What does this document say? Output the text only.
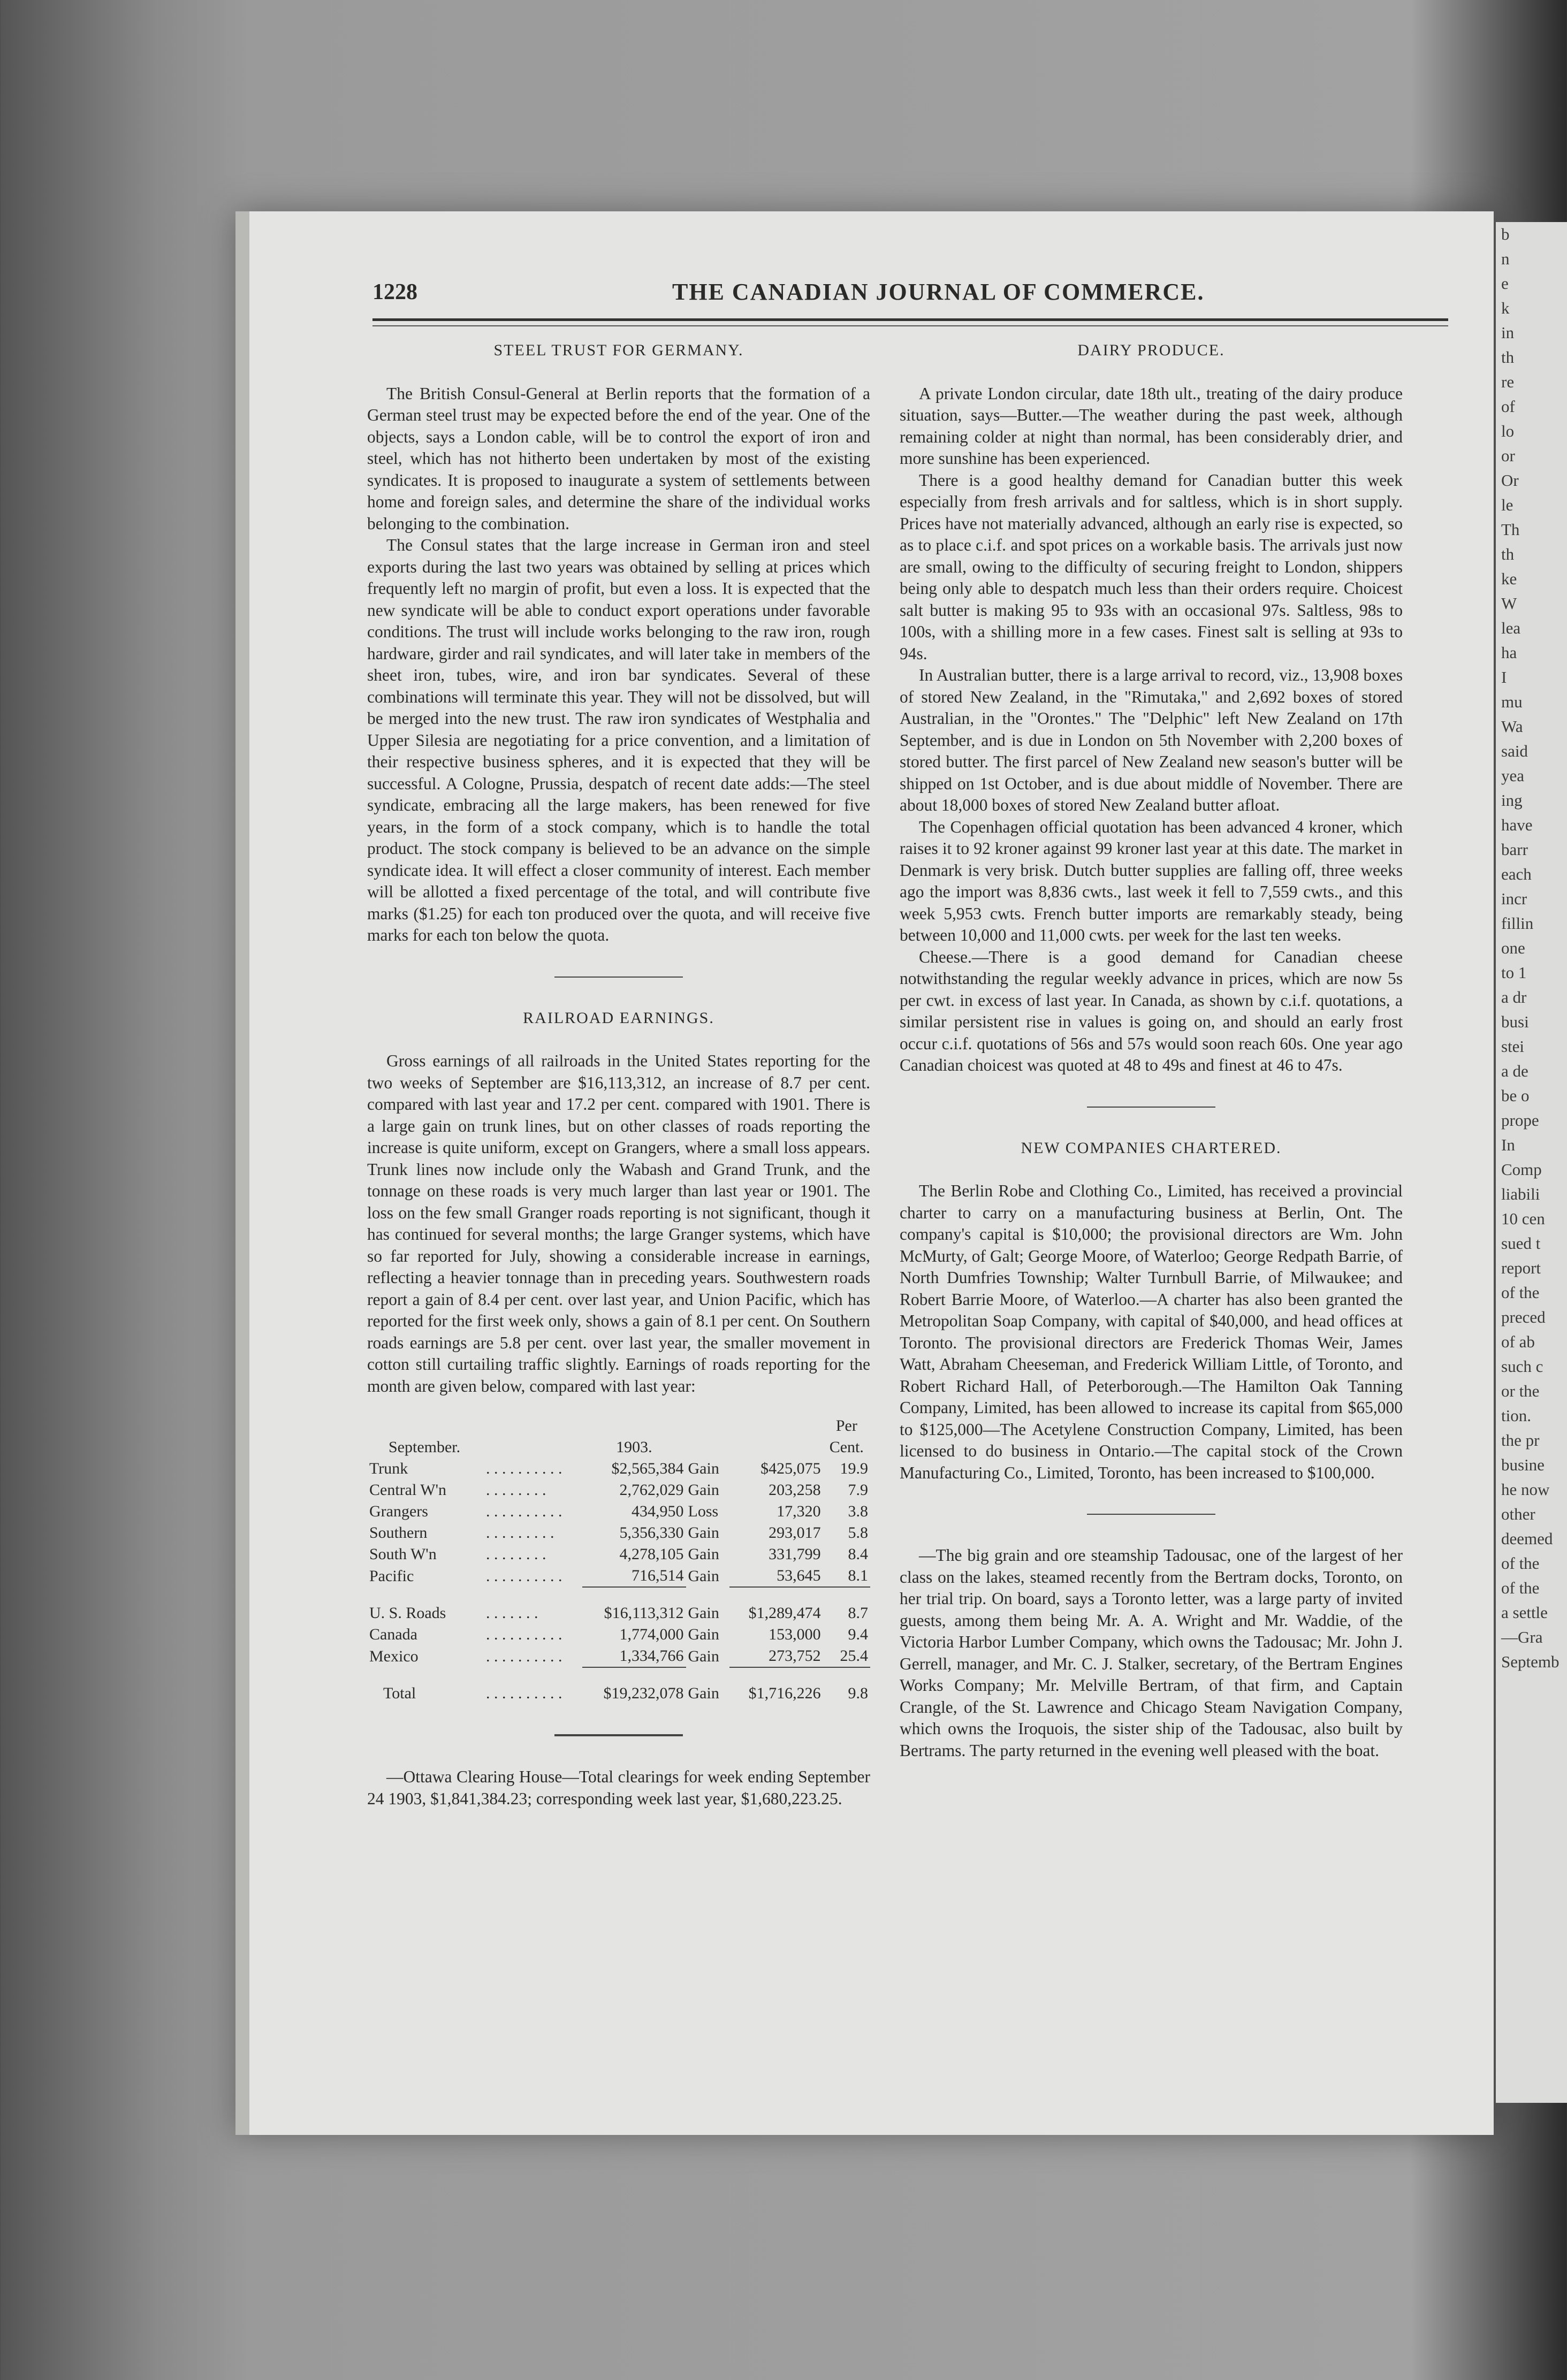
1228	THE CANADIAN JOURNAL OF COMMERCE.
STEEL TRUST FOR GERMANY.

The British Consul-General at Berlin reports that the formation of a German steel trust may be expected before the end of the year. One of the objects, says a London cable, will be to control the export of iron and steel, which has not hitherto been undertaken by most of the existing syndicates. It is proposed to inaugurate a system of settlements between home and foreign sales, and determine the share of the individual works belonging to the combination.

The Consul states that the large increase in German iron and steel exports during the last two years was obtained by selling at prices which frequently left no margin of profit, but even a loss. It is expected that the new syndicate will be able to conduct export operations under favorable conditions. The trust will include works belonging to the raw iron, rough hardware, girder and rail syndicates, and will later take in members of the sheet iron, tubes, wire, and iron bar syndicates. Several of these combinations will terminate this year. They will not be dissolved, but will be merged into the new trust. The raw iron syndicates of Westphalia and Upper Silesia are negotiating for a price convention, and a limitation of their respective business spheres, and it is expected that they will be successful. A Cologne, Prussia, despatch of recent date adds:—The steel syndicate, embracing all the large makers, has been renewed for five years, in the form of a stock company, which is to handle the total product. The stock company is believed to be an advance on the simple syndicate idea. It will effect a closer community of interest. Each member will be allotted a fixed percentage of the total, and will contribute five marks ($1.25) for each ton produced over the quota, and will receive five marks for each ton below the quota.

RAILROAD EARNINGS.

Gross earnings of all railroads in the United States reporting for the two weeks of September are $16,113,312, an increase of 8.7 per cent. compared with last year and 17.2 per cent. compared with 1901. There is a large gain on trunk lines, but on other classes of roads reporting the increase is quite uniform, except on Grangers, where a small loss appears. Trunk lines now include only the Wabash and Grand Trunk, and the tonnage on these roads is very much larger than last year or 1901. The loss on the few small Granger roads reporting is not significant, though it has continued for several months; the large Granger systems, which have so far reported for July, showing a considerable increase in earnings, reflecting a heavier tonnage than in preceding years. Southwestern roads report a gain of 8.4 per cent. over last year, and Union Pacific, which has reported for the first week only, shows a gain of 8.1 per cent. On Southern roads earnings are 5.8 per cent. over last year, the smaller movement in cotton still curtailing traffic slightly. Earnings of roads reporting for the month are given below, compared with last year:

					Per
September.		1903.			Cent.
Trunk	. . . . . . . . . .	$2,565,384	Gain	$425,075	19.9
Central W'n	. . . . . . . .	2,762,029	Gain	203,258	7.9
Grangers	. . . . . . . . . .	434,950	Loss	17,320	3.8
Southern	. . . . . . . . .	5,356,330	Gain	293,017	5.8
South W'n	. . . . . . . .	4,278,105	Gain	331,799	8.4
Pacific	. . . . . . . . . .	716,514	Gain	53,645	8.1

U. S. Roads	. . . . . . .	$16,113,312	Gain	$1,289,474	8.7
Canada	. . . . . . . . . .	1,774,000	Gain	153,000	9.4
Mexico	. . . . . . . . . .	1,334,766	Gain	273,752	25.4

Total	. . . . . . . . . .	$19,232,078	Gain	$1,716,226	9.8

—Ottawa Clearing House—Total clearings for week ending September 24 1903, $1,841,384.23; corresponding week last year, $1,680,223.25.

DAIRY PRODUCE.

A private London circular, date 18th ult., treating of the dairy produce situation, says—Butter.—The weather during the past week, although remaining colder at night than normal, has been considerably drier, and more sunshine has been experienced.

There is a good healthy demand for Canadian butter this week especially from fresh arrivals and for saltless, which is in short supply. Prices have not materially advanced, although an early rise is expected, so as to place c.i.f. and spot prices on a workable basis. The arrivals just now are small, owing to the difficulty of securing freight to London, shippers being only able to despatch much less than their orders require. Choicest salt butter is making 95 to 93s with an occasional 97s. Saltless, 98s to 100s, with a shilling more in a few cases. Finest salt is selling at 93s to 94s.

In Australian butter, there is a large arrival to record, viz., 13,908 boxes of stored New Zealand, in the "Rimutaka," and 2,692 boxes of stored Australian, in the "Orontes." The "Delphic" left New Zealand on 17th September, and is due in London on 5th November with 2,200 boxes of stored butter. The first parcel of New Zealand new season's butter will be shipped on 1st October, and is due about middle of November. There are about 18,000 boxes of stored New Zealand butter afloat.

The Copenhagen official quotation has been advanced 4 kroner, which raises it to 92 kroner against 99 kroner last year at this date. The market in Denmark is very brisk. Dutch butter supplies are falling off, three weeks ago the import was 8,836 cwts., last week it fell to 7,559 cwts., and this week 5,953 cwts. French butter imports are remarkably steady, being between 10,000 and 11,000 cwts. per week for the last ten weeks.

Cheese.—There is a good demand for Canadian cheese notwithstanding the regular weekly advance in prices, which are now 5s per cwt. in excess of last year. In Canada, as shown by c.i.f. quotations, a similar persistent rise in values is going on, and should an early frost occur c.i.f. quotations of 56s and 57s would soon reach 60s. One year ago Canadian choicest was quoted at 48 to 49s and finest at 46 to 47s.

NEW COMPANIES CHARTERED.

The Berlin Robe and Clothing Co., Limited, has received a provincial charter to carry on a manufacturing business at Berlin, Ont. The company's capital is $10,000; the provisional directors are Wm. John McMurty, of Galt; George Moore, of Waterloo; George Redpath Barrie, of North Dumfries Township; Walter Turnbull Barrie, of Milwaukee; and Robert Barrie Moore, of Waterloo.—A charter has also been granted the Metropolitan Soap Company, with capital of $40,000, and head offices at Toronto. The provisional directors are Frederick Thomas Weir, James Watt, Abraham Cheeseman, and Frederick William Little, of Toronto, and Robert Richard Hall, of Peterborough.—The Hamilton Oak Tanning Company, Limited, has been allowed to increase its capital from $65,000 to $125,000—The Acetylene Construction Company, Limited, has been licensed to do business in Ontario.—The capital stock of the Crown Manufacturing Co., Limited, Toronto, has been increased to $100,000.

—The big grain and ore steamship Tadousac, one of the largest of her class on the lakes, steamed recently from the Bertram docks, Toronto, on her trial trip. On board, says a Toronto letter, was a large party of invited guests, among them being Mr. A. A. Wright and Mr. Waddie, of the Victoria Harbor Lumber Company, which owns the Tadousac; Mr. John J. Gerrell, manager, and Mr. C. J. Stalker, secretary, of the Bertram Engines Works Company; Mr. Melville Bertram, of that firm, and Captain Crangle, of the St. Lawrence and Chicago Steam Navigation Company, which owns the Iroquois, the sister ship of the Tadousac, also built by Bertrams. The party returned in the evening well pleased with the boat.

b
n
e
k
in
th
re
of
lo
or
Or
le
Th
th
ke
W
lea
ha
I
mu
Wa
said
yea
ing
have
barr
each
incr
fillin
one
to 1
a dr
busi
stei
a de
be o
prope
In
Comp
liabili
10 cen
sued t
report
of the
preced
of ab
such c
or the
tion.
the pr
busine
he now
other
deemed
of the
of the
a settle
—Gra
Septemb
